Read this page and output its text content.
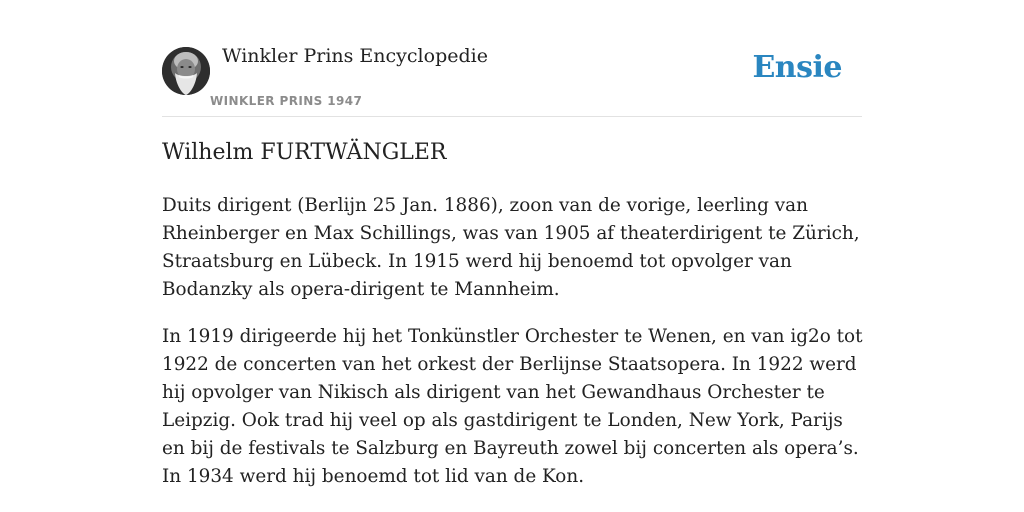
Winkler Prins Encyclopedie
WINKLER PRINS 1947
Ensie
Wilhelm FURTWÄNGLER

Duits dirigent (Berlijn 25 Jan. 1886), zoon van de vorige, leerling van Rheinberger en Max Schillings, was van 1905 af theaterdirigent te Zürich, Straatsburg en Lübeck. In 1915 werd hij benoemd tot opvolger van Bodanzky als opera-dirigent te Mannheim.

In 1919 dirigeerde hij het Tonkünstler Orchester te Wenen, en van ig2o tot 1922 de concerten van het orkest der Berlijnse Staatsopera. In 1922 werd hij opvolger van Nikisch als dirigent van het Gewandhaus Orchester te Leipzig. Ook trad hij veel op als gastdirigent te Londen, New York, Parijs en bij de festivals te Salzburg en Bayreuth zowel bij concerten als opera’s. In 1934 werd hij benoemd tot lid van de Kon.
